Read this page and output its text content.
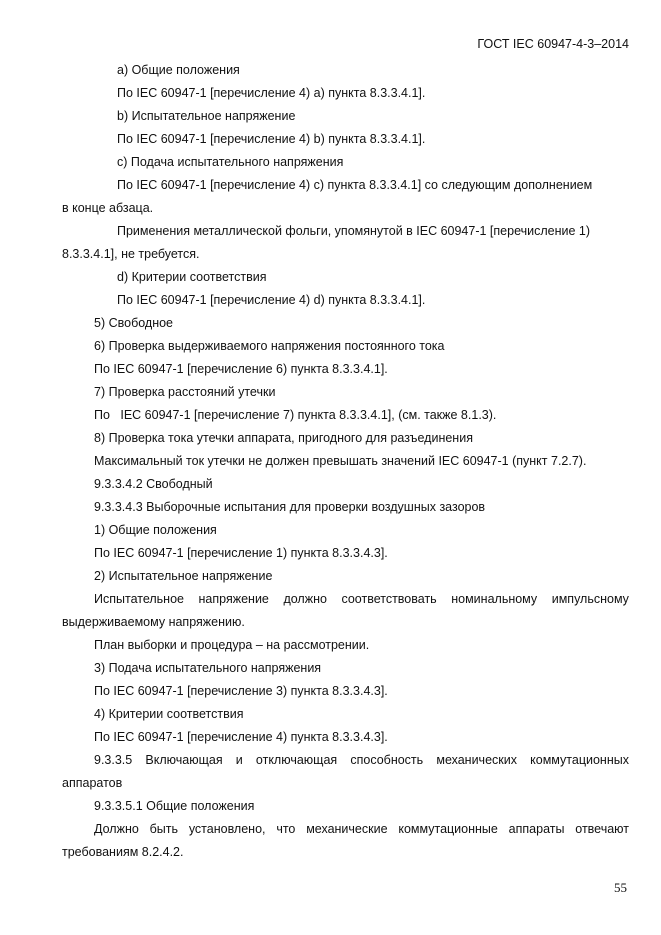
ГОСТ IEC 60947-4-3–2014
а) Общие положения
По IEC 60947-1 [перечисление 4) а) пункта 8.3.3.4.1].
b) Испытательное напряжение
По IEC 60947-1 [перечисление 4) b) пункта 8.3.3.4.1].
с) Подача испытательного напряжения
По IEC 60947-1 [перечисление 4) с) пункта 8.3.3.4.1] со следующим дополнением
в конце абзаца.
Применения металлической фольги, упомянутой в IEC 60947-1 [перечисление 1)
8.3.3.4.1], не требуется.
d) Критерии соответствия
По IEC 60947-1 [перечисление 4) d) пункта 8.3.3.4.1].
5) Свободное
6) Проверка выдерживаемого напряжения постоянного тока
По IEC 60947-1 [перечисление 6) пункта 8.3.3.4.1].
7) Проверка расстояний утечки
По   IEC 60947-1 [перечисление 7) пункта 8.3.3.4.1], (см. также 8.1.3).
8) Проверка тока утечки аппарата, пригодного для разъединения
Максимальный ток утечки не должен превышать значений IEC 60947-1 (пункт 7.2.7).
9.3.3.4.2 Свободный
9.3.3.4.3 Выборочные испытания для проверки воздушных зазоров
1) Общие положения
По IEC 60947-1 [перечисление 1) пункта 8.3.3.4.3].
2) Испытательное напряжение
Испытательное напряжение должно соответствовать номинальному импульсному
выдерживаемому напряжению.
План выборки и процедура – на рассмотрении.
3) Подача испытательного напряжения
По IEC 60947-1 [перечисление 3) пункта 8.3.3.4.3].
4) Критерии соответствия
По IEC 60947-1 [перечисление 4) пункта 8.3.3.4.3].
9.3.3.5 Включающая и отключающая способность механических коммутационных
аппаратов
9.3.3.5.1 Общие положения
Должно быть установлено, что механические коммутационные аппараты отвечают
требованиям 8.2.4.2.
55
